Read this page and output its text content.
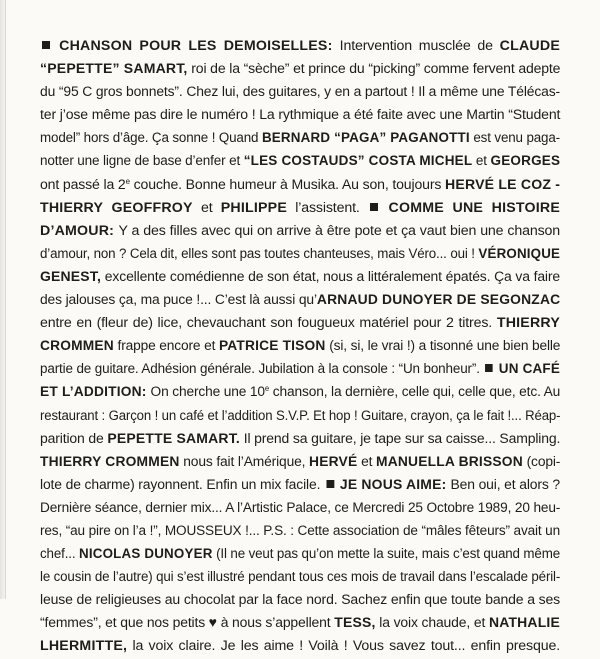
CHANSON POUR LES DEMOISELLES: Intervention musclée de CLAUDE
“PEPETTE” SAMART, roi de la “sèche” et prince du “picking” comme fervent adepte
du “95 C gros bonnets”. Chez lui, des guitares, y en a partout ! Il a même une Télécas-
ter j’ose même pas dire le numéro ! La rythmique a été faite avec une Martin “Student
model” hors d’âge. Ça sonne ! Quand BERNARD “PAGA” PAGANOTTI est venu paga-
notter une ligne de base d’enfer et “LES COSTAUDS” COSTA MICHEL et GEORGES
ont passé la 2e couche. Bonne humeur à Musika. Au son, toujours HERVÉ LE COZ -
THIERRY GEOFFROY et PHILIPPE l’assistent.  COMME UNE HISTOIRE
D’AMOUR: Y a des filles avec qui on arrive à être pote et ça vaut bien une chanson
d’amour, non ? Cela dit, elles sont pas toutes chanteuses, mais Véro... oui ! VÉRONIQUE
GENEST, excellente comédienne de son état, nous a littéralement épatés. Ça va faire
des jalouses ça, ma puce !... C’est là aussi qu’ARNAUD DUNOYER DE SEGONZAC
entre en (fleur de) lice, chevauchant son fougueux matériel pour 2 titres. THIERRY
CROMMEN frappe encore et PATRICE TISON (si, si, le vrai !) a tisonné une bien belle
partie de guitare. Adhésion générale. Jubilation à la console : “Un bonheur”.  UN CAFÉ
ET L’ADDITION: On cherche une 10e chanson, la dernière, celle qui, celle que, etc. Au
restaurant : Garçon ! un café et l’addition S.V.P. Et hop ! Guitare, crayon, ça le fait !... Réap-
parition de PEPETTE SAMART. Il prend sa guitare, je tape sur sa caisse... Sampling.
THIERRY CROMMEN nous fait l’Amérique, HERVÉ et MANUELLA BRISSON (copi-
lote de charme) rayonnent. Enfin un mix facile.  JE NOUS AIME: Ben oui, et alors ?
Dernière séance, dernier mix... A l’Artistic Palace, ce Mercredi 25 Octobre 1989, 20 heu-
res, “au pire on l’a !”, MOUSSEUX !... P.S. : Cette association de “mâles fêteurs” avait un
chef... NICOLAS DUNOYER (Il ne veut pas qu’on mette la suite, mais c’est quand même
le cousin de l’autre) qui s’est illustré pendant tous ces mois de travail dans l’escalade péril-
leuse de religieuses au chocolat par la face nord. Sachez enfin que toute bande a ses
“femmes”, et que nos petits ♥ à nous s’appellent TESS, la voix chaude, et NATHALIE
LHERMITTE, la voix claire. Je les aime ! Voilà ! Vous savez tout... enfin presque.
